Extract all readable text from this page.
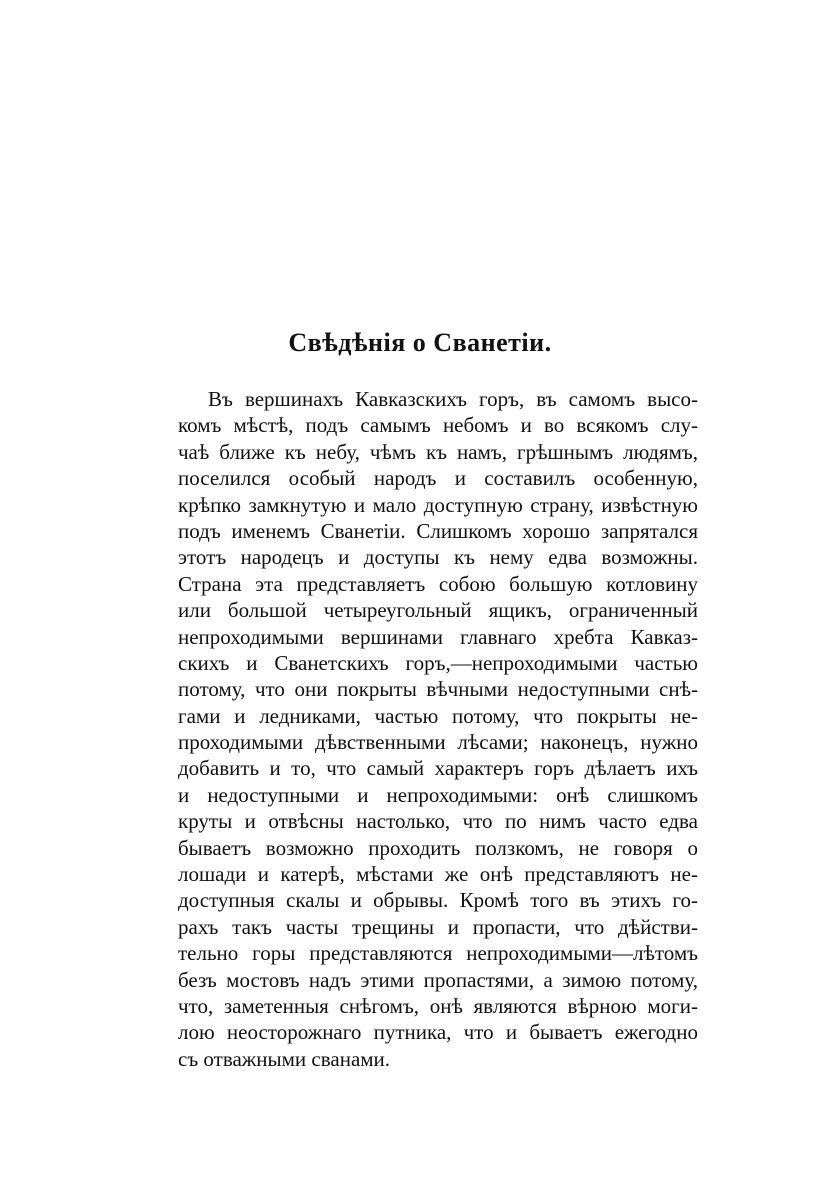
Свѣдѣнія о Сванетіи.
Въ вершинахъ Кавказскихъ горъ, въ самомъ высо-
комъ мѣстѣ, подъ самымъ небомъ и во всякомъ слу-
чаѣ ближе къ небу, чѣмъ къ намъ, грѣшнымъ людямъ,
поселился особый народъ и составилъ особенную,
крѣпко замкнутую и мало доступную страну, извѣстную
подъ именемъ Сванетіи. Слишкомъ хорошо запрятался
этотъ народецъ и доступы къ нему едва возможны.
Страна эта представляетъ собою большую котловину
или большой четыреугольный ящикъ, ограниченный
непроходимыми вершинами главнаго хребта Кавказ-
скихъ и Сванетскихъ горъ,—непроходимыми частью
потому, что они покрыты вѣчными недоступными снѣ-
гами и ледниками, частью потому, что покрыты не-
проходимыми дѣвственными лѣсами; наконецъ, нужно
добавить и то, что самый характеръ горъ дѣлаетъ ихъ
и недоступными и непроходимыми: онѣ слишкомъ
круты и отвѣсны настолько, что по нимъ часто едва
бываетъ возможно проходить ползкомъ, не говоря о
лошади и катерѣ, мѣстами же онѣ представляютъ не-
доступныя скалы и обрывы. Кромѣ того въ этихъ го-
рахъ такъ часты трещины и пропасти, что дѣйстви-
тельно горы представляются непроходимыми—лѣтомъ
безъ мостовъ надъ этими пропастями, а зимою потому,
что, заметенныя снѣгомъ, онѣ являются вѣрною моги-
лою неосторожнаго путника, что и бываетъ ежегодно
съ отважными сванами.
